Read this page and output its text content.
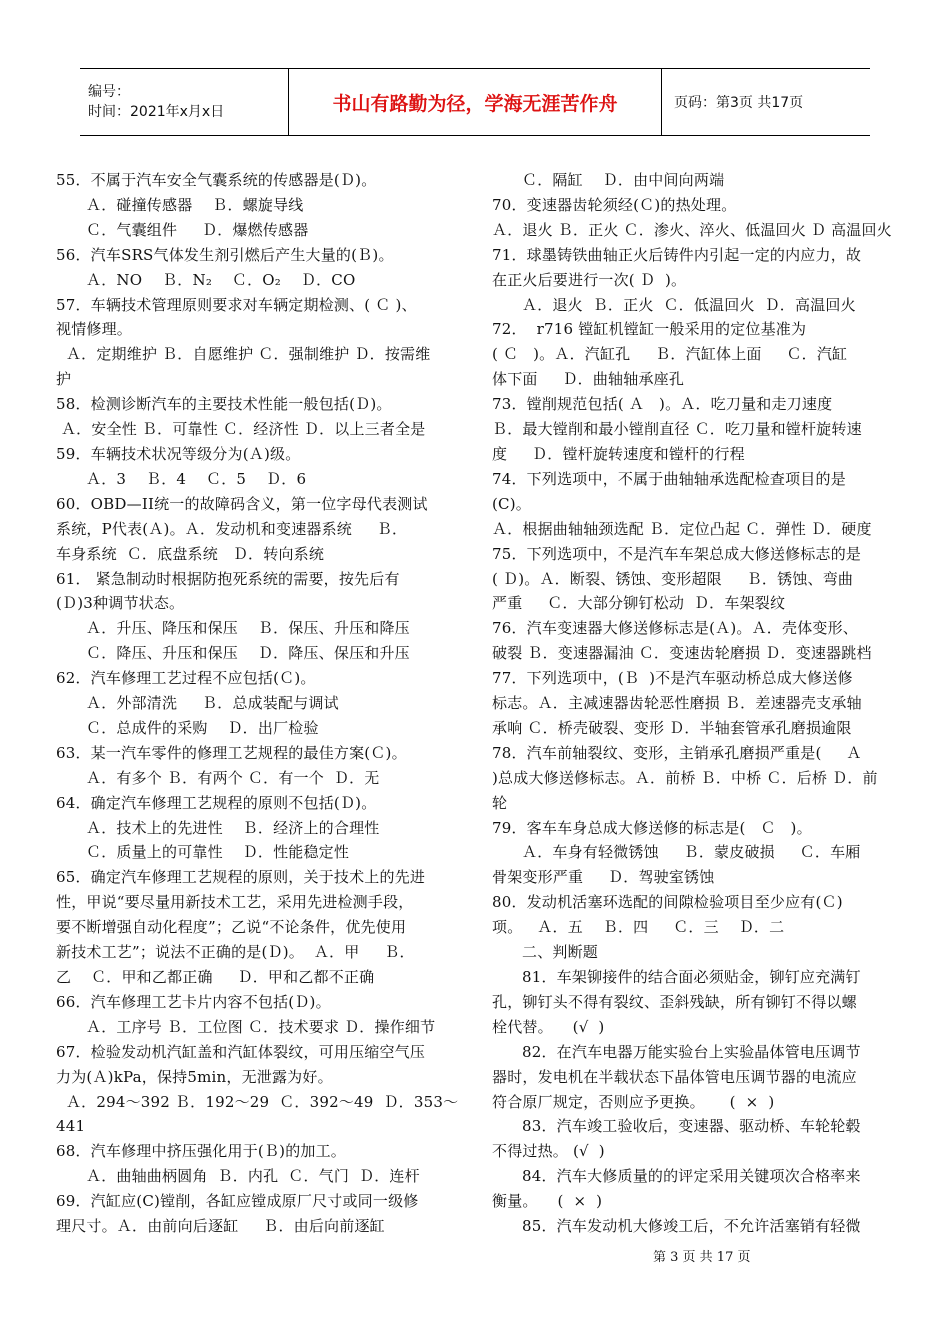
编号：
时间：2021年x月x日	书山有路勤为径，学海无涯苦作舟	页码：第3页 共17页

55．不属于汽车安全气囊系统的传感器是(Ｄ)。

Ａ．碰撞传感器    Ｂ．螺旋导线

Ｃ．气囊组件     Ｄ．爆燃传感器

56．汽车SRS气体发生剂引燃后产生大量的(Ｂ)。

Ａ．NO    Ｂ．N₂    Ｃ．O₂    Ｄ．CO

57．车辆技术管理原则要求对车辆定期检测、( Ｃ )、

视情修理。

Ａ．定期维护 Ｂ．自愿维护 Ｃ．强制维护 Ｄ．按需维

护

58．检测诊断汽车的主要技术性能一般包括(Ｄ)。

Ａ．安全性 Ｂ．可靠性 Ｃ．经济性 Ｄ．以上三者全是

59．车辆技术状况等级分为(Ａ)级。

Ａ．3    Ｂ．4    Ｃ．5    Ｄ．6

60．OBD—II统一的故障码含义，第一位字母代表测试

系统，P代表(Ａ)。Ａ．发动机和变速器系统     Ｂ．

车身系统  Ｃ．底盘系统   Ｄ．转向系统

61． 紧急制动时根据防抱死系统的需要，按先后有

(Ｄ)3种调节状态。

Ａ．升压、降压和保压    Ｂ．保压、升压和降压

Ｃ．降压、升压和保压    Ｄ．降压、保压和升压

62．汽车修理工艺过程不应包括(Ｃ)。

Ａ．外部清洗     Ｂ．总成装配与调试

Ｃ．总成件的采购    Ｄ．出厂检验

63．某一汽车零件的修理工艺规程的最佳方案(Ｃ)。

Ａ．有多个 Ｂ．有两个 Ｃ．有一个  Ｄ．无

64．确定汽车修理工艺规程的原则不包括(Ｄ)。

Ａ．技术上的先进性    Ｂ．经济上的合理性

Ｃ．质量上的可靠性    Ｄ．性能稳定性

65．确定汽车修理工艺规程的原则，关于技术上的先进

性，甲说“要尽量用新技术工艺，采用先进检测手段，

要不断增强自动化程度”；乙说“不论条件，优先使用

新技术工艺”；说法不正确的是(Ｄ)。  Ａ．甲     Ｂ．

乙    Ｃ．甲和乙都正确     Ｄ．甲和乙都不正确

66．汽车修理工艺卡片内容不包括(Ｄ)。

Ａ．工序号 Ｂ．工位图 Ｃ．技术要求 Ｄ．操作细节

67．检验发动机汽缸盖和汽缸体裂纹，可用压缩空气压

力为(Ａ)kPa，保持5min，无泄露为好。

Ａ．294～392 Ｂ．192～29  Ｃ．392～49  Ｄ．353～

441

68．汽车修理中挤压强化用于(Ｂ)的加工。

Ａ．曲轴曲柄圆角  Ｂ．内孔  Ｃ．气门  Ｄ．连杆

69．汽缸应(C)镗削，各缸应镗成原厂尺寸或同一级修

理尺寸。Ａ．由前向后逐缸     Ｂ．由后向前逐缸

Ｃ．隔缸    Ｄ．由中间向两端

70．变速器齿轮须经(Ｃ)的热处理。

Ａ．退火 Ｂ．正火 Ｃ．渗火、淬火、低温回火 Ｄ 高温回火

71．球墨铸铁曲轴正火后铸件内引起一定的内应力，故

在正火后要进行一次( Ｄ  )。

Ａ．退火  Ｂ．正火  Ｃ．低温回火  Ｄ．高温回火

72．  r716 镗缸机镗缸一般采用的定位基准为

( Ｃ   )。Ａ．汽缸孔     Ｂ．汽缸体上面     Ｃ．汽缸

体下面     Ｄ．曲轴轴承座孔

73．镗削规范包括( Ａ   )。Ａ．吃刀量和走刀速度

Ｂ．最大镗削和最小镗削直径 Ｃ．吃刀量和镗杆旋转速

度     Ｄ．镗杆旋转速度和镗杆的行程

74．下列选项中，不属于曲轴轴承选配检查项目的是

(C)。

Ａ．根据曲轴轴颈选配 Ｂ．定位凸起 Ｃ．弹性 Ｄ．硬度

75．下列选项中，不是汽车车架总成大修送修标志的是

( Ｄ)。Ａ．断裂、锈蚀、变形超限     Ｂ．锈蚀、弯曲

严重     Ｃ．大部分铆钉松动  Ｄ．车架裂纹

76．汽车变速器大修送修标志是(Ａ)。Ａ．壳体变形、

破裂 Ｂ．变速器漏油 Ｃ．变速齿轮磨损 Ｄ．变速器跳档

77．下列选项中，(Ｂ  )不是汽车驱动桥总成大修送修

标志。Ａ．主减速器齿轮恶性磨损 Ｂ．差速器壳支承轴

承响 Ｃ．桥壳破裂、变形 Ｄ．半轴套管承孔磨损逾限

78．汽车前轴裂纹、变形，主销承孔磨损严重是(     Ａ

)总成大修送修标志。Ａ．前桥 Ｂ．中桥 Ｃ．后桥 Ｄ．前

轮

79．客车车身总成大修送修的标志是(   Ｃ   )。

Ａ．车身有轻微锈蚀     Ｂ．蒙皮破损     Ｃ．车厢

骨架变形严重     Ｄ．驾驶室锈蚀

80．发动机活塞环选配的间隙检验项目至少应有(Ｃ)

项。   Ａ．五    Ｂ．四     Ｃ．三    Ｄ．二

二、判断题

81．车架铆接件的结合面必须贴金，铆钉应充满钉

孔，铆钉头不得有裂纹、歪斜残缺，所有铆钉不得以螺

栓代替。    (√  )

82．在汽车电器万能实验台上实验晶体管电压调节

器时，发电机在半载状态下晶体管电压调节器的电流应

符合原厂规定，否则应予更换。     (  ×  )

83．汽车竣工验收后，变速器、驱动桥、车轮轮毂

不得过热。 (√  )

84．汽车大修质量的的评定采用关键项次合格率来

衡量。    (  ×  )

85．汽车发动机大修竣工后，不允许活塞销有轻微

第 3 页 共 17 页
